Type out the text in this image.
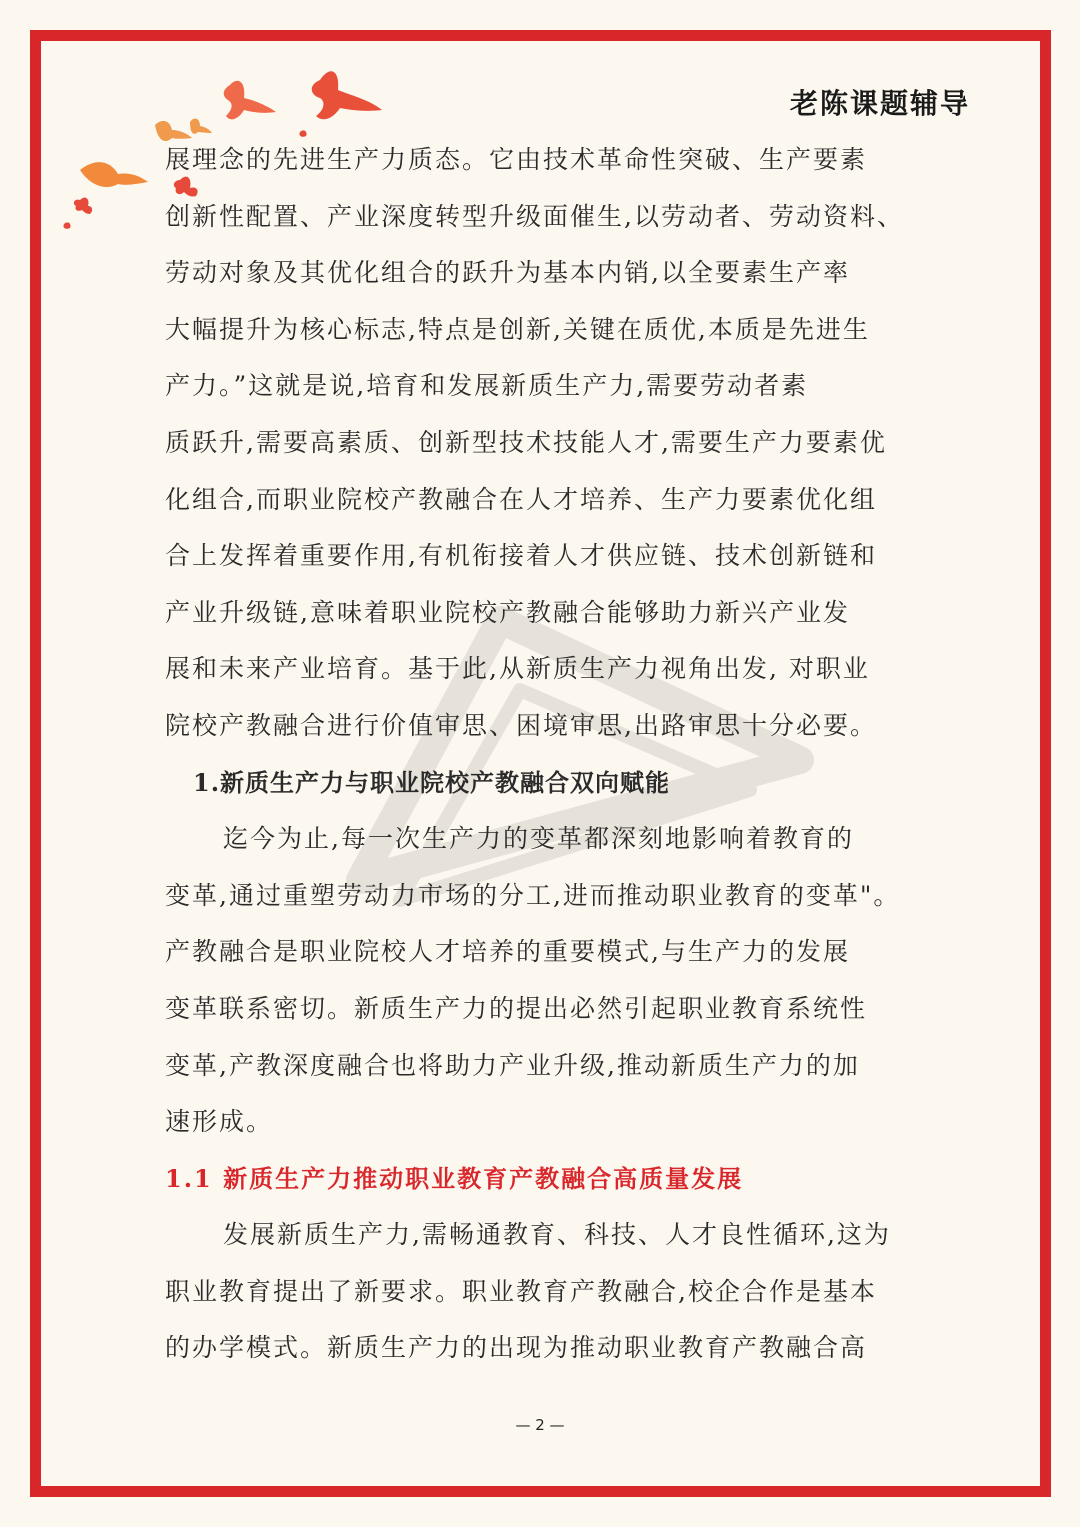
老陈课题辅导
展理念的先进生产力质态。它由技术革命性突破、生产要素
创新性配置、产业深度转型升级面催生,以劳动者、劳动资料、
劳动对象及其优化组合的跃升为基本内销,以全要素生产率
大幅提升为核心标志,特点是创新,关键在质优,本质是先进生
产力。”这就是说,培育和发展新质生产力,需要劳动者素
质跃升,需要高素质、创新型技术技能人才,需要生产力要素优
化组合,而职业院校产教融合在人才培养、生产力要素优化组
合上发挥着重要作用,有机衔接着人才供应链、技术创新链和
产业升级链,意味着职业院校产教融合能够助力新兴产业发
展和未来产业培育。基于此,从新质生产力视角出发, 对职业
院校产教融合进行价值审思、困境审思,出路审思十分必要。
1.新质生产力与职业院校产教融合双向赋能
迄今为止,每一次生产力的变革都深刻地影响着教育的
变革,通过重塑劳动力市场的分工,进而推动职业教育的变革"。
产教融合是职业院校人才培养的重要模式,与生产力的发展
变革联系密切。新质生产力的提出必然引起职业教育系统性
变革,产教深度融合也将助力产业升级,推动新质生产力的加
速形成。
1.1 新质生产力推动职业教育产教融合高质量发展
发展新质生产力,需畅通教育、科技、人才良性循环,这为
职业教育提出了新要求。职业教育产教融合,校企合作是基本
的办学模式。新质生产力的出现为推动职业教育产教融合高
— 2 —
